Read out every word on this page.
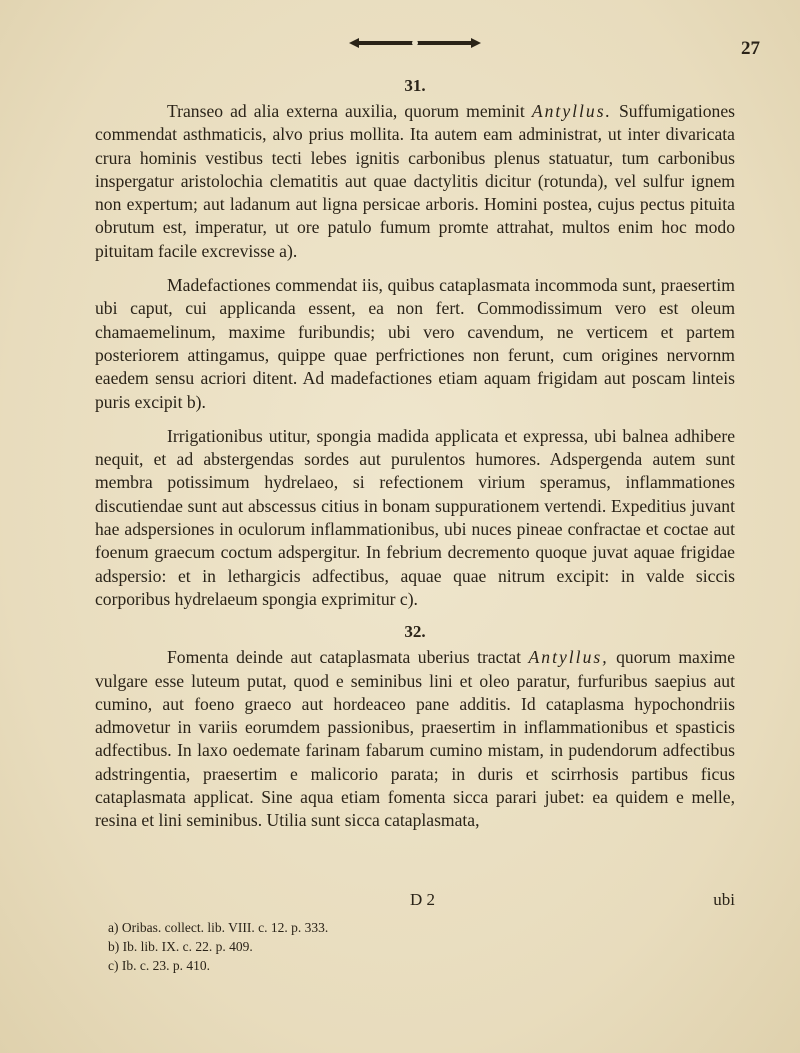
27
31.

Transeo ad alia externa auxilia, quorum meminit Antyllus. Suffumigationes commendat asthmaticis, alvo prius mollita. Ita autem eam administrat, ut inter divaricata crura hominis vestibus tecti lebes ignitis carbonibus plenus statuatur, tum carbonibus inspergatur aristolochia clematitis aut quae dactylitis dicitur (rotunda), vel sulfur ignem non expertum; aut ladanum aut ligna persicae arboris. Homini postea, cujus pectus pituita obrutum est, imperatur, ut ore patulo fumum promte attrahat, multos enim hoc modo pituitam facile excrevisse a).

Madefactiones commendat iis, quibus cataplasmata incommoda sunt, praesertim ubi caput, cui applicanda essent, ea non fert. Commodissimum vero est oleum chamaemelinum, maxime furibundis; ubi vero cavendum, ne verticem et partem posteriorem attingamus, quippe quae perfrictiones non ferunt, cum origines nervornm eaedem sensu acriori ditent. Ad madefactiones etiam aquam frigidam aut poscam linteis puris excipit b).

Irrigationibus utitur, spongia madida applicata et expressa, ubi balnea adhibere nequit, et ad abstergendas sordes aut purulentos humores. Adspergenda autem sunt membra potissimum hydrelaeo, si refectionem virium speramus, inflammationes discutiendae sunt aut abscessus citius in bonam suppurationem vertendi. Expeditius juvant hae adspersiones in oculorum inflammationibus, ubi nuces pineae confractae et coctae aut foenum graecum coctum adspergitur. In febrium decremento quoque juvat aquae frigidae adspersio: et in lethargicis adfectibus, aquae quae nitrum excipit: in valde siccis corporibus hydrelaeum spongia exprimitur c).

32.

Fomenta deinde aut cataplasmata uberius tractat Antyllus, quorum maxime vulgare esse luteum putat, quod e seminibus lini et oleo paratur, furfuribus saepius aut cumino, aut foeno graeco aut hordeaceo pane additis. Id cataplasma hypochondriis admovetur in variis eorumdem passionibus, praesertim in inflammationibus et spasticis adfectibus. In laxo oedemate farinam fabarum cumino mistam, in pudendorum adfectibus adstringentia, praesertim e malicorio parata; in duris et scirrhosis partibus ficus cataplasmata applicat. Sine aqua etiam fomenta sicca parari jubet: ea quidem e melle, resina et lini seminibus. Utilia sunt sicca cataplasmata,

D 2	ubi
a) Oribas. collect. lib. VIII. c. 12. p. 333.
b) Ib. lib. IX. c. 22. p. 409.
c) Ib. c. 23. p. 410.
